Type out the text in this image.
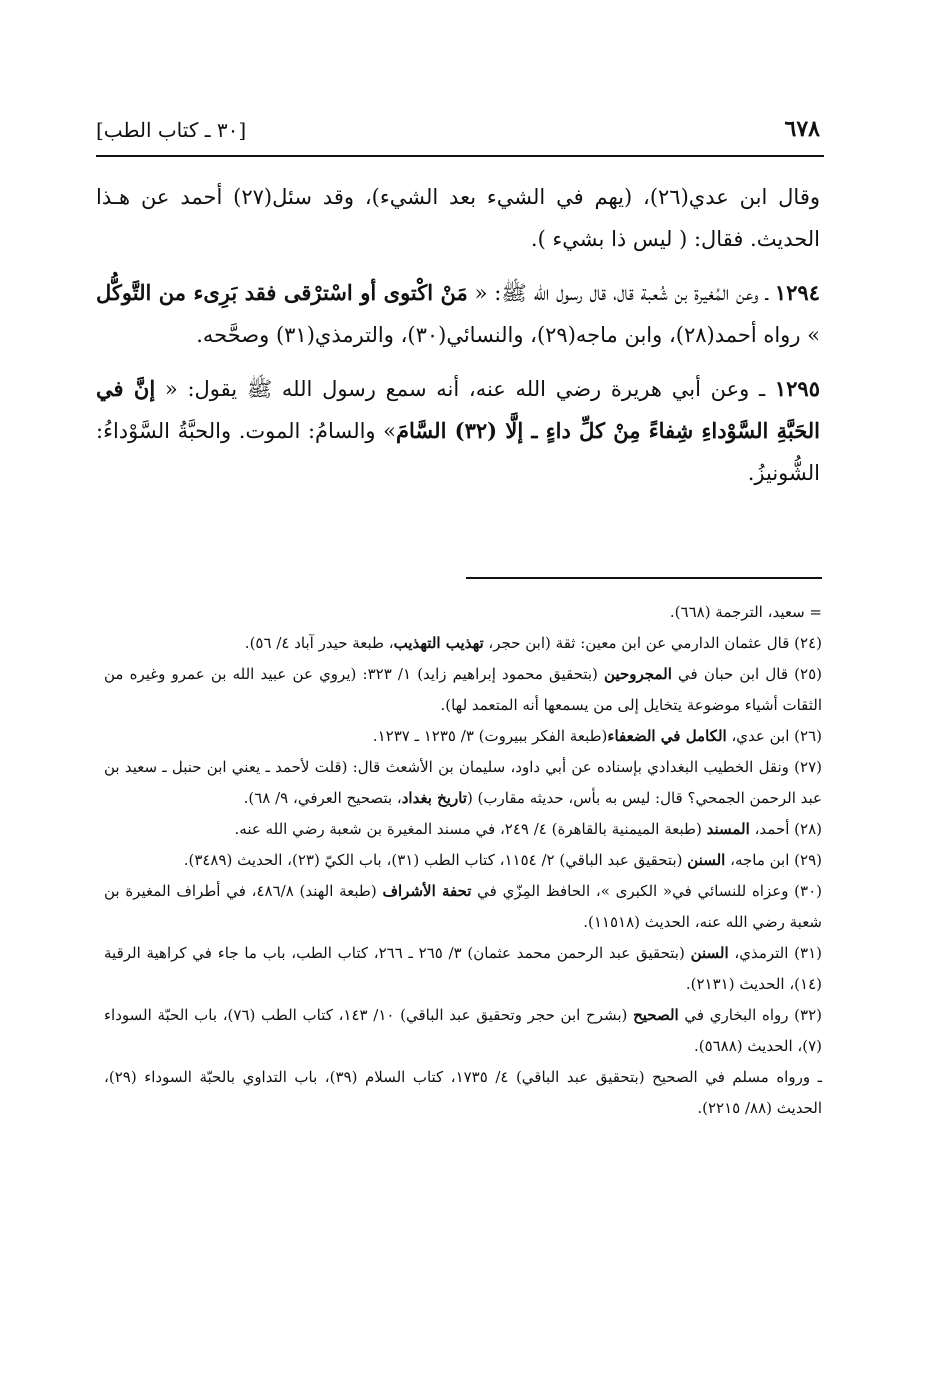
٦٧٨
[٣٠ ـ كتاب الطب]

وقال ابن عدي(٢٦)، (يهم في الشيء بعد الشيء)، وقد سئل(٢٧) أحمد عن هـذا الحديث. فقال: ( ليس ذا بشيء ).

١٢٩٤ ـ وعن المُغيرة بن شُعبة قال، قال رسول الله ﷺ: « مَنْ اكْتوى أو اسْترْقى فقد بَرِىء من التَّوكُّل » رواه أحمد(٢٨)، وابن ماجه(٢٩)، والنسائي(٣٠)، والترمذي(٣١) وصحَّحه.

١٢٩٥ ـ وعن أبي هريرة رضي الله عنه، أنه سمع رسول الله ﷺ يقول: « إنَّ في الحَبَّةِ السَّوْداءِ شِفاءً مِنْ كلِّ داءٍ ـ إلَّا (٣٢) السَّامَ» والسامُ: الموت. والحبَّةُ السَّوْداءُ: الشُّونيزُ.

= سعيد، الترجمة (٦٦٨).

(٢٤) قال عثمان الدارمي عن ابن معين: ثقة (ابن حجر، تهذيب التهذيب، طبعة حيدر آباد ٤/ ٥٦).

(٢٥) قال ابن حبان في المجروحين (بتحقيق محمود إبراهيم زايد) ١/ ٣٢٣: (يروي عن عبيد الله بن عمرو وغيره من الثقات أشياء موضوعة يتخايل إلى من يسمعها أنه المتعمد لها).

(٢٦) ابن عدي، الكامل في الضعفاء(طبعة الفكر ببيروت) ٣/ ١٢٣٥ ـ ١٢٣٧.

(٢٧) ونقل الخطيب البغدادي بإسناده عن أبي داود، سليمان بن الأشعث قال: (قلت لأحمد ـ يعني ابن حنبل ـ سعيد بن عبد الرحمن الجمحي؟ قال: ليس به بأس، حديثه مقارب) (تاريخ بغداد، بتصحيح العرفي، ٩/ ٦٨).

(٢٨) أحمد، المسند (طبعة الميمنية بالقاهرة) ٤/ ٢٤٩، في مسند المغيرة بن شعبة رضي الله عنه.

(٢٩) ابن ماجه، السنن (بتحقيق عبد الباقي) ٢/ ١١٥٤، كتاب الطب (٣١)، باب الكيّ (٢٣)، الحديث (٣٤٨٩).

(٣٠) وعزاه للنسائي في« الكبرى »، الحافظ المِزّي في تحفة الأشراف (طبعة الهند) ٤٨٦/٨، في أطراف المغيرة بن شعبة رضي الله عنه، الحديث (١١٥١٨).

(٣١) الترمذي، السنن (بتحقيق عبد الرحمن محمد عثمان) ٣/ ٢٦٥ ـ ٢٦٦، كتاب الطب، باب ما جاء في كراهية الرقية (١٤)، الحديث (٢١٣١).

(٣٢) رواه البخاري في الصحيح (بشرح ابن حجر وتحقيق عبد الباقي) ١٠/ ١٤٣، كتاب الطب (٧٦)، باب الحبّة السوداء (٧)، الحديث (٥٦٨٨).

ـ ورواه مسلم في الصحيح (بتحقيق عبد الباقي) ٤/ ١٧٣٥، كتاب السلام (٣٩)، باب التداوي بالحبّة السوداء (٢٩)، الحديث (٨٨/ ٢٢١٥).
